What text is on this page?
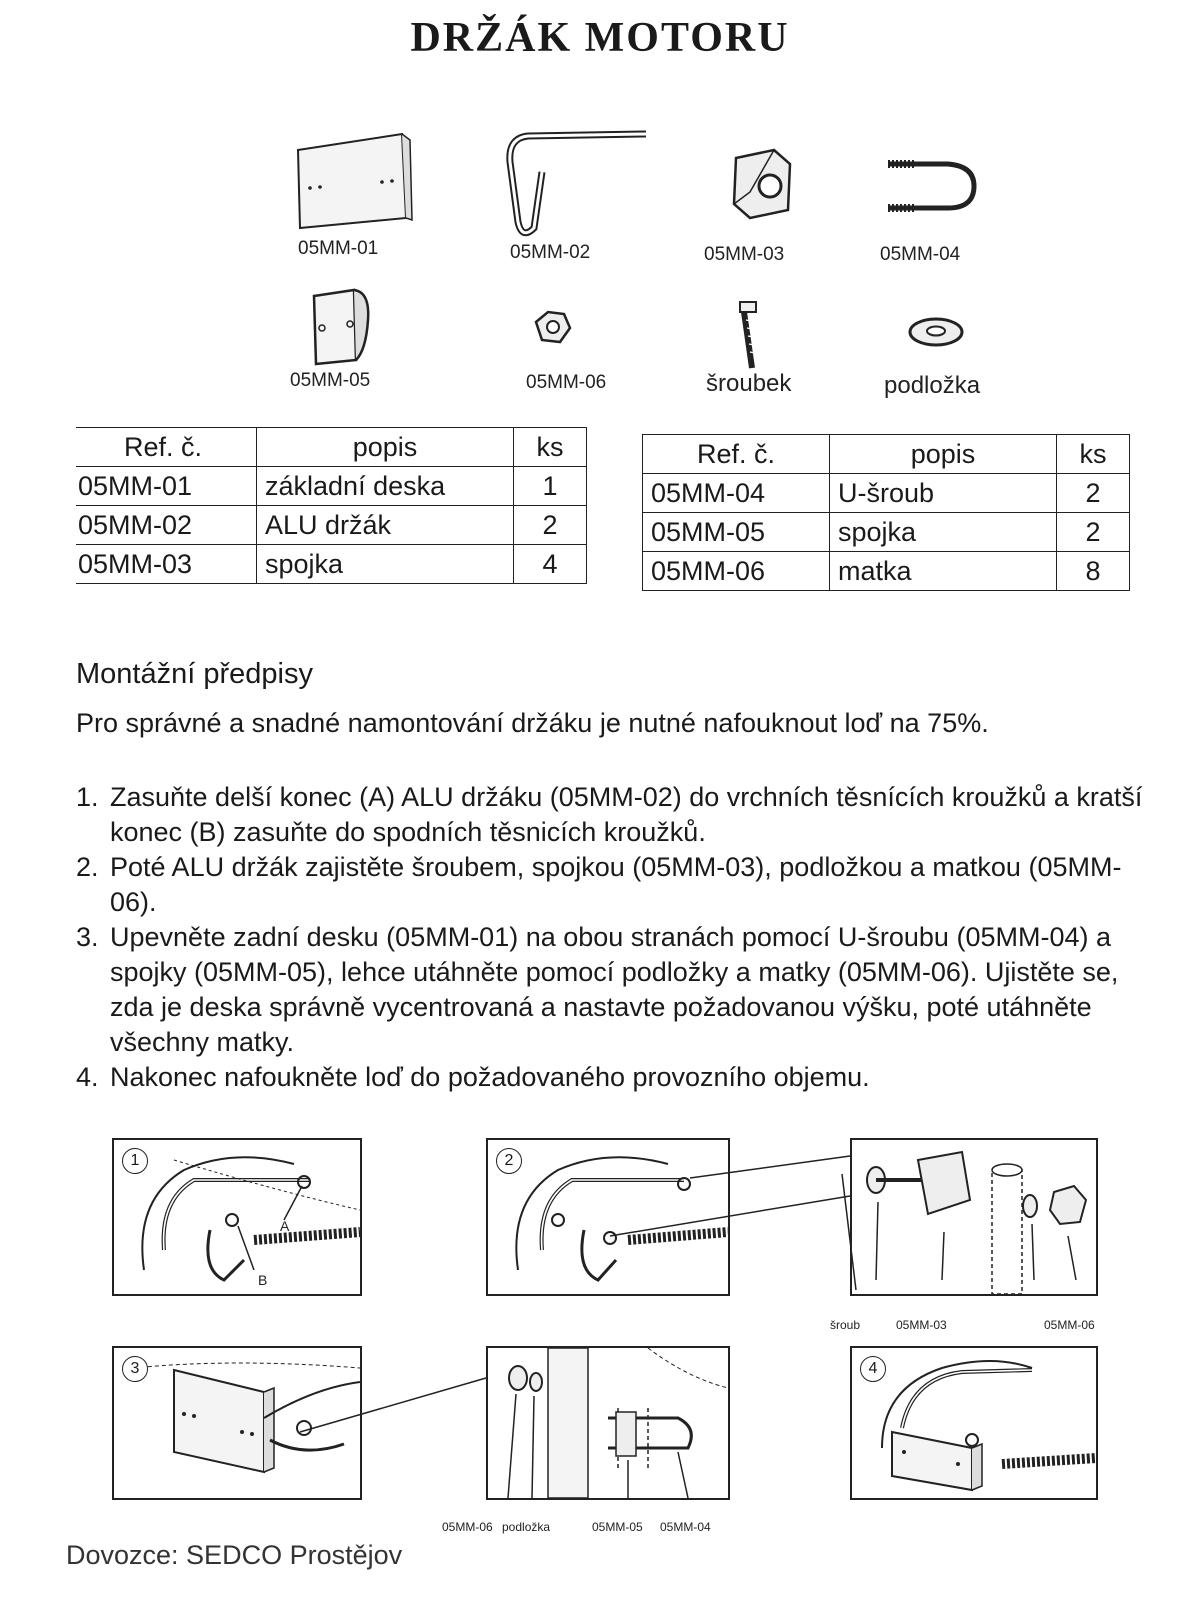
DRŽÁK MOTORU
05MM-01	05MM-02	05MM-03	05MM-04
05MM-05	05MM-06	šroubek	podložka
Ref. č.	popis	ks
05MM-01	základní deska	1
05MM-02	ALU držák	2
05MM-03	spojka	4
Ref. č.	popis	ks
05MM-04	U-šroub	2
05MM-05	spojka	2
05MM-06	matka	8
Montážní předpisy

Pro správné a snadné namontování držáku je nutné nafouknout loď na 75%.

1. Zasuňte delší konec (A) ALU držáku (05MM-02) do vrchních těsnících kroužků a kratší konec (B) zasuňte do spodních těsnicích kroužků.
2. Poté ALU držák zajistěte šroubem, spojkou (05MM-03), podložkou a matkou (05MM-06).
3. Upevněte zadní desku (05MM-01) na obou stranách pomocí U-šroubu (05MM-04) a spojky (05MM-05), lehce utáhněte pomocí podložky a matky (05MM-06). Ujistěte se, zda je deska správně vycentrovaná a nastavte požadovanou výšku, poté utáhněte všechny matky.
4. Nakonec nafoukněte loď do požadovaného provozního objemu.
1
A
B
2
šroub	05MM-03	05MM-06
3
05MM-06 podložka	05MM-05 05MM-04
4

Dovozce: SEDCO Prostějov
